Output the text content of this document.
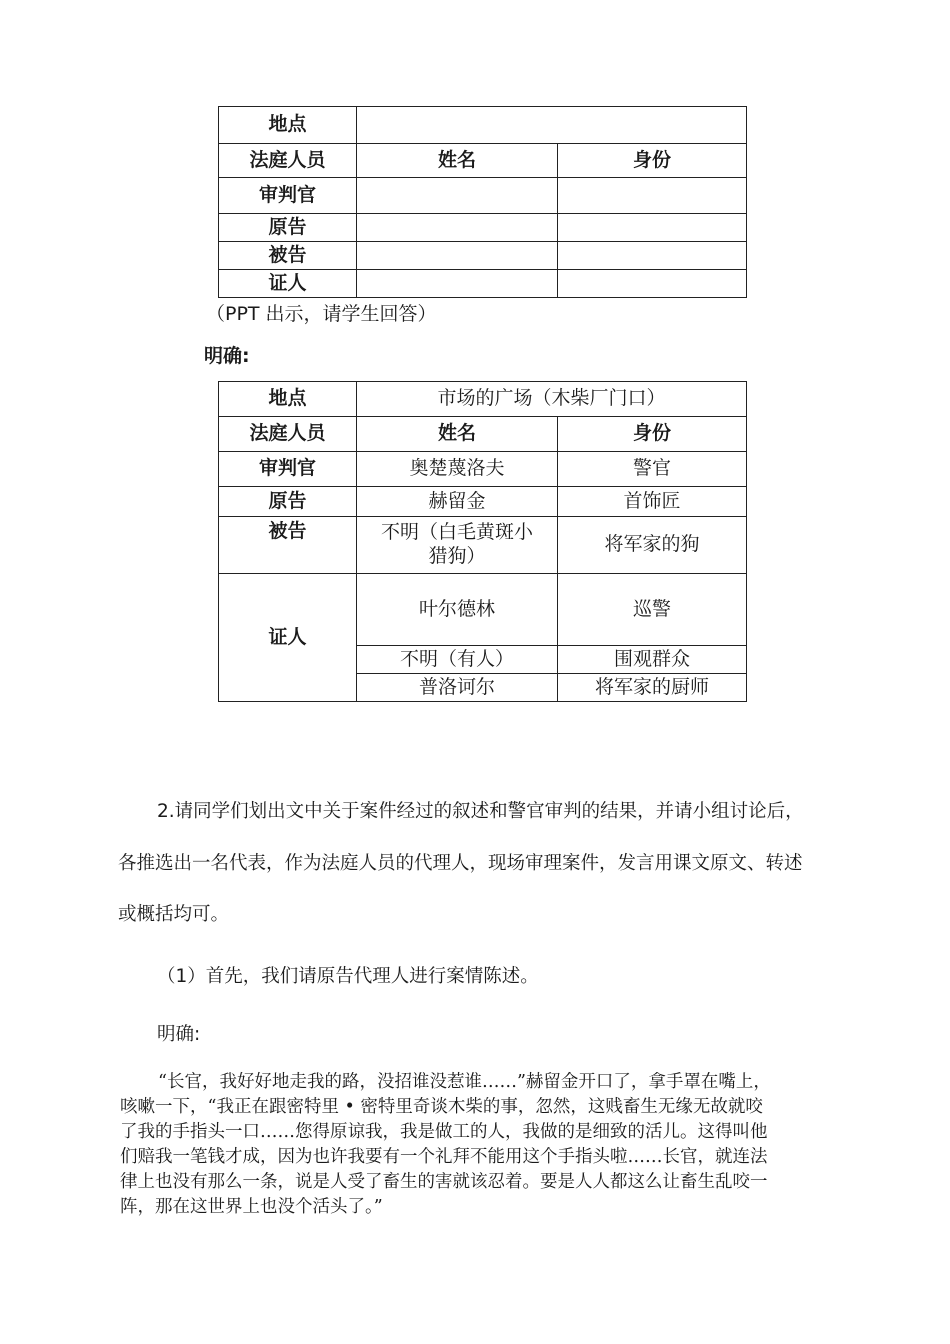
地点		
法庭人员	姓名	身份
审判官		
原告		
被告		
证人		
（PPT 出示，请学生回答）
明确:
地点	市场的广场（木柴厂门口）	
法庭人员	姓名	身份
审判官	奥楚蔑洛夫	警官
原告	赫留金	首饰匠
被告	不明（白毛黄斑小猎狗）	将军家的狗
证人	叶尔德林	巡警
	不明（有人）	围观群众
	普洛诃尔	将军家的厨师
2.请同学们划出文中关于案件经过的叙述和警官审判的结果，并请小组讨论后，
各推选出一名代表，作为法庭人员的代理人，现场审理案件，发言用课文原文、转述
或概括均可。
（1）首先，我们请原告代理人进行案情陈述。
明确:

“长官，我好好地走我的路，没招谁没惹谁……”赫留金开口了，拿手罩在嘴上，

咳嗽一下，“我正在跟密特里 • 密特里奇谈木柴的事，忽然，这贱畜生无缘无故就咬

了我的手指头一口……您得原谅我，我是做工的人，我做的是细致的活儿。这得叫他

们赔我一笔钱才成，因为也许我要有一个礼拜不能用这个手指头啦……长官，就连法

律上也没有那么一条，说是人受了畜生的害就该忍着。要是人人都这么让畜生乱咬一

阵，那在这世界上也没个活头了。”
